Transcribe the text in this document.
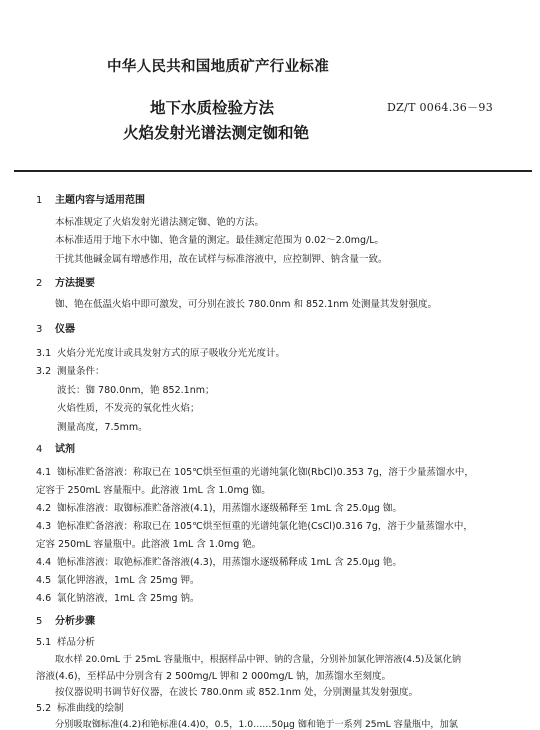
中华人民共和国地质矿产行业标准
地下水质检验方法
火焰发射光谱法测定铷和铯
DZ/T 0064.36－93
1 主题内容与适用范围
本标准规定了火焰发射光谱法测定铷、铯的方法。
本标准适用于地下水中铷、铯含量的测定。最佳测定范围为 0.02～2.0mg/L。
干扰其他碱金属有增感作用，故在试样与标准溶液中，应控制钾、钠含量一致。
2 方法提要
铷、铯在低温火焰中即可激发，可分别在波长 780.0nm 和 852.1nm 处测量其发射强度。
3 仪器
3.1 火焰分光光度计或具发射方式的原子吸收分光光度计。
3.2 测量条件：
波长：铷 780.0nm，铯 852.1nm；
火焰性质，不发亮的氧化性火焰；
测量高度，7.5mm。
4 试剂
4.1 铷标准贮备溶液：称取已在 105℃烘至恒重的光谱纯氯化铷(RbCl)0.353 7g，溶于少量蒸馏水中，
定容于 250mL 容量瓶中。此溶液 1mL 含 1.0mg 铷。
4.2 铷标准溶液：取铷标准贮备溶液(4.1)，用蒸馏水逐级稀释至 1mL 含 25.0μg 铷。
4.3 铯标准贮备溶液：称取已在 105℃烘至恒重的光谱纯氯化铯(CsCl)0.316 7g，溶于少量蒸馏水中，
定容 250mL 容量瓶中。此溶液 1mL 含 1.0mg 铯。
4.4 铯标准溶液：取铯标准贮备溶液(4.3)，用蒸馏水逐级稀释成 1mL 含 25.0μg 铯。
4.5 氯化钾溶液，1mL 含 25mg 钾。
4.6 氯化钠溶液，1mL 含 25mg 钠。
5 分析步骤
5.1 样品分析
取水样 20.0mL 于 25mL 容量瓶中，根据样品中钾、钠的含量，分别补加氯化钾溶液(4.5)及氯化钠
溶液(4.6)，至样品中分别含有 2 500mg/L 钾和 2 000mg/L 钠，加蒸馏水至刻度。
按仪器说明书调节好仪器，在波长 780.0nm 或 852.1nm 处，分别测量其发射强度。
5.2 标准曲线的绘制
分别吸取铷标准(4.2)和铯标准(4.4)0，0.5，1.0……50μg 铷和铯于一系列 25mL 容量瓶中，加氯
